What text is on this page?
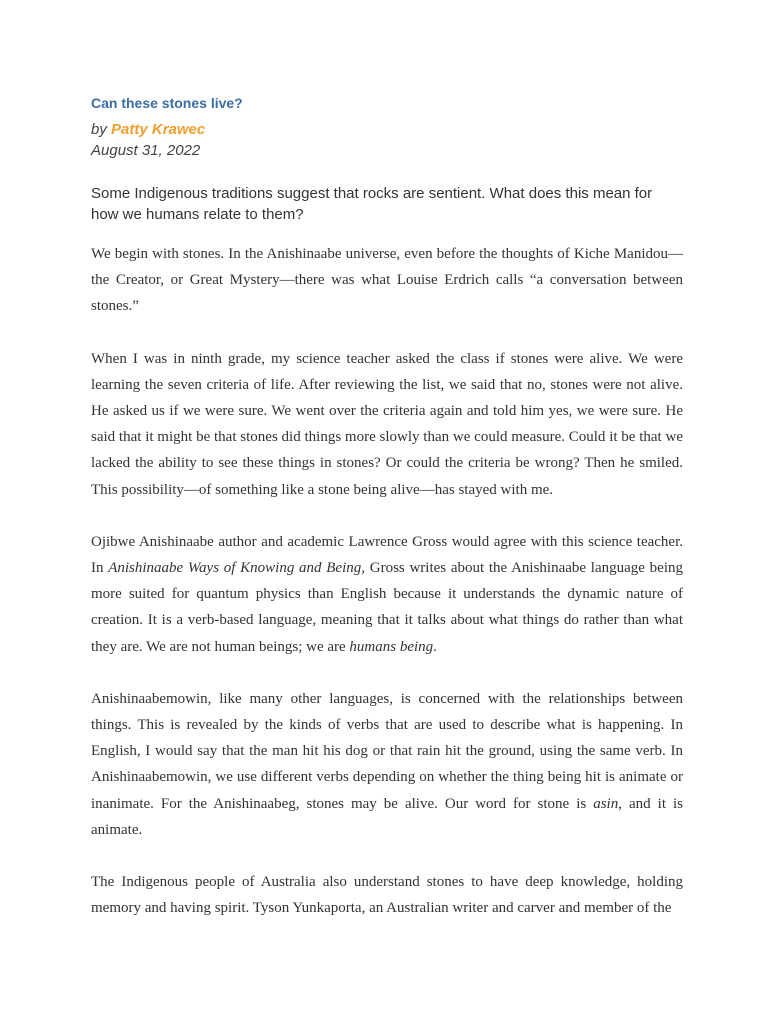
Can these stones live?
by Patty Krawec
August 31, 2022
Some Indigenous traditions suggest that rocks are sentient. What does this mean for how we humans relate to them?

We begin with stones. In the Anishinaabe universe, even before the thoughts of Kiche Manidou—the Creator, or Great Mystery—there was what Louise Erdrich calls “a conversation between stones.”

When I was in ninth grade, my science teacher asked the class if stones were alive. We were learning the seven criteria of life. After reviewing the list, we said that no, stones were not alive. He asked us if we were sure. We went over the criteria again and told him yes, we were sure. He said that it might be that stones did things more slowly than we could measure. Could it be that we lacked the ability to see these things in stones? Or could the criteria be wrong? Then he smiled. This possibility—of something like a stone being alive—has stayed with me.

Ojibwe Anishinaabe author and academic Lawrence Gross would agree with this science teacher. In Anishinaabe Ways of Knowing and Being, Gross writes about the Anishinaabe language being more suited for quantum physics than English because it understands the dynamic nature of creation. It is a verb-based language, meaning that it talks about what things do rather than what they are. We are not human beings; we are humans being.

Anishinaabemowin, like many other languages, is concerned with the relationships between things. This is revealed by the kinds of verbs that are used to describe what is happening. In English, I would say that the man hit his dog or that rain hit the ground, using the same verb. In Anishinaabemowin, we use different verbs depending on whether the thing being hit is animate or inanimate. For the Anishinaabeg, stones may be alive. Our word for stone is asin, and it is animate.

The Indigenous people of Australia also understand stones to have deep knowledge, holding memory and having spirit. Tyson Yunkaporta, an Australian writer and carver and member of the
